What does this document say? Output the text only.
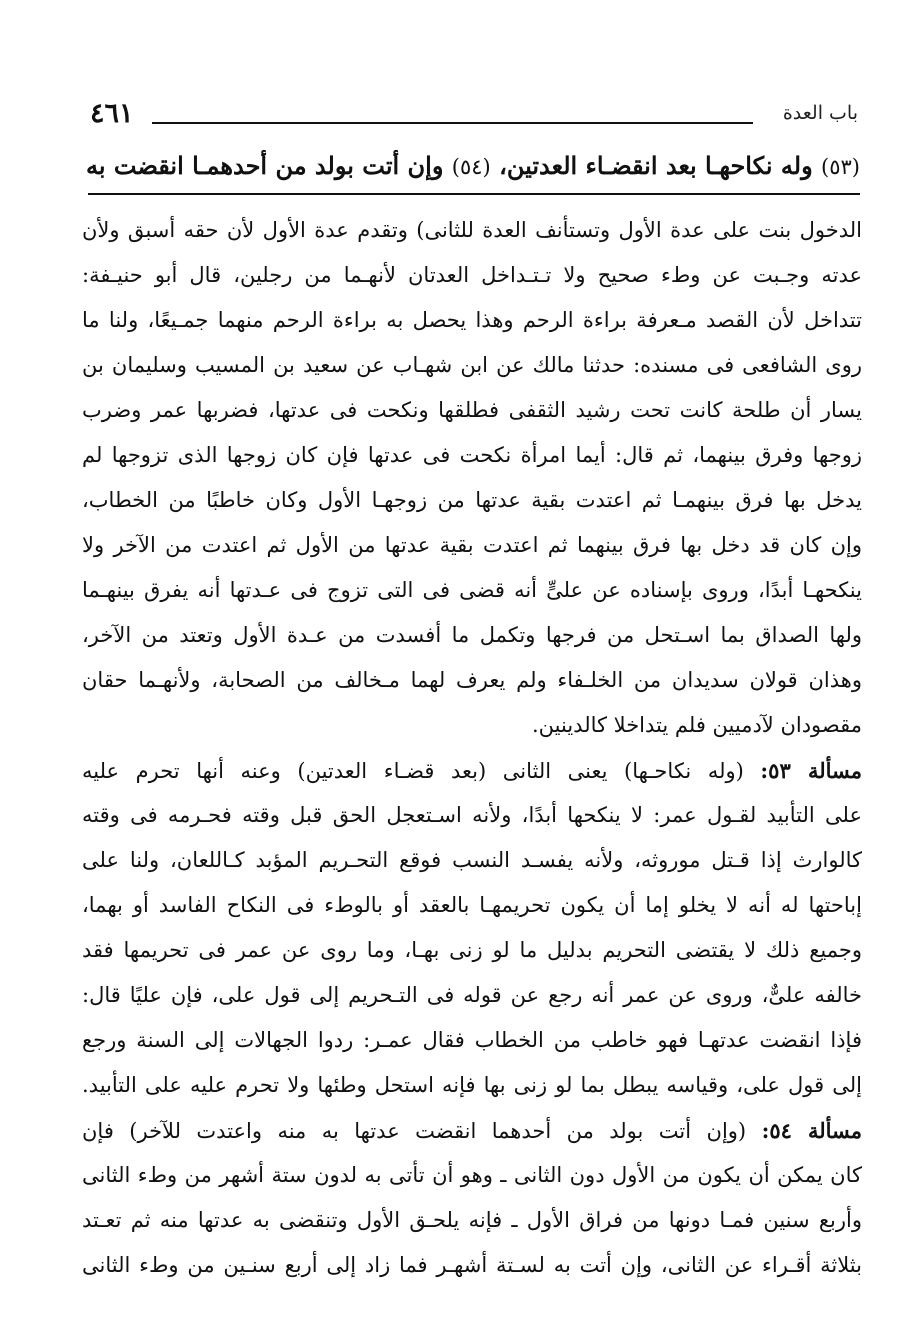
باب العدة
٤٦١
(٥٣) وله نكاحهـا بعد انقضـاء العدتين، (٥٤) وإن أتت بولد من أحدهمـا انقضت به
الدخول بنت على عدة الأول وتستأنف العدة للثانى) وتقدم عدة الأول لأن حقه أسبق ولأن
عدته وجـبت عن وطء صحيح ولا تـتـداخل العدتان لأنهـما من رجلين، قال أبو حنيـفة:
تتداخل لأن القصد مـعرفة براءة الرحم وهذا يحصل به براءة الرحم منهما جمـيعًا، ولنا ما
روى الشافعى فى مسنده: حدثنا مالك عن ابن شهـاب عن سعيد بن المسيب وسليمان بن
يسار أن طلحة كانت تحت رشيد الثقفى فطلقها ونكحت فى عدتها، فضربها عمر وضرب
زوجها وفرق بينهما، ثم قال: أيما امرأة نكحت فى عدتها فإن كان زوجها الذى تزوجها لم
يدخل بها فرق بينهمـا ثم اعتدت بقية عدتها من زوجهـا الأول وكان خاطبًا من الخطاب،
وإن كان قد دخل بها فرق بينهما ثم اعتدت بقية عدتها من الأول ثم اعتدت من الآخر ولا
ينكحهـا أبدًا، وروى بإسناده عن علىٍّ أنه قضى فى التى تزوج فى عـدتها أنه يفرق بينهـما
ولها الصداق بما اسـتحل من فرجها وتكمل ما أفسدت من عـدة الأول وتعتد من الآخر،
وهذان قولان سديدان من الخلـفاء ولم يعرف لهما مـخالف من الصحابة، ولأنهـما حقان
مقصودان لآدميين فلم يتداخلا كالدينين.
مسألة ٥٣: (وله نكاحـها) يعنى الثانى (بعد قضـاء العدتين) وعنه أنها تحرم عليه
على التأبيد لقـول عمر: لا ينكحها أبدًا، ولأنه اسـتعجل الحق قبل وقته فحـرمه فى وقته
كالوارث إذا قـتل موروثه، ولأنه يفسـد النسب فوقع التحـريم المؤبد كـاللعان، ولنا على
إباحتها له أنه لا يخلو إما أن يكون تحريمهـا بالعقد أو بالوطء فى النكاح الفاسد أو بهما،
وجميع ذلك لا يقتضى التحريم بدليل ما لو زنى بهـا، وما روى عن عمر فى تحريمها فقد
خالفه علىٌّ، وروى عن عمر أنه رجع عن قوله فى التـحريم إلى قول على، فإن عليًا قال:
فإذا انقضت عدتهـا فهو خاطب من الخطاب فقال عمـر: ردوا الجهالات إلى السنة ورجع
إلى قول على، وقياسه يبطل بما لو زنى بها فإنه استحل وطئها ولا تحرم عليه على التأبيد.
مسألة ٥٤: (وإن أتت بولد من أحدهما انقضت عدتها به منه واعتدت للآخر) فإن
كان يمكن أن يكون من الأول دون الثانى ـ وهو أن تأتى به لدون ستة أشهر من وطء الثانى
وأربع سنين فمـا دونها من فراق الأول ـ فإنه يلحـق الأول وتنقضى به عدتها منه ثم تعـتد
بثلاثة أقـراء عن الثانى، وإن أتت به لسـتة أشهـر فما زاد إلى أربع سنـين من وطء الثانى
